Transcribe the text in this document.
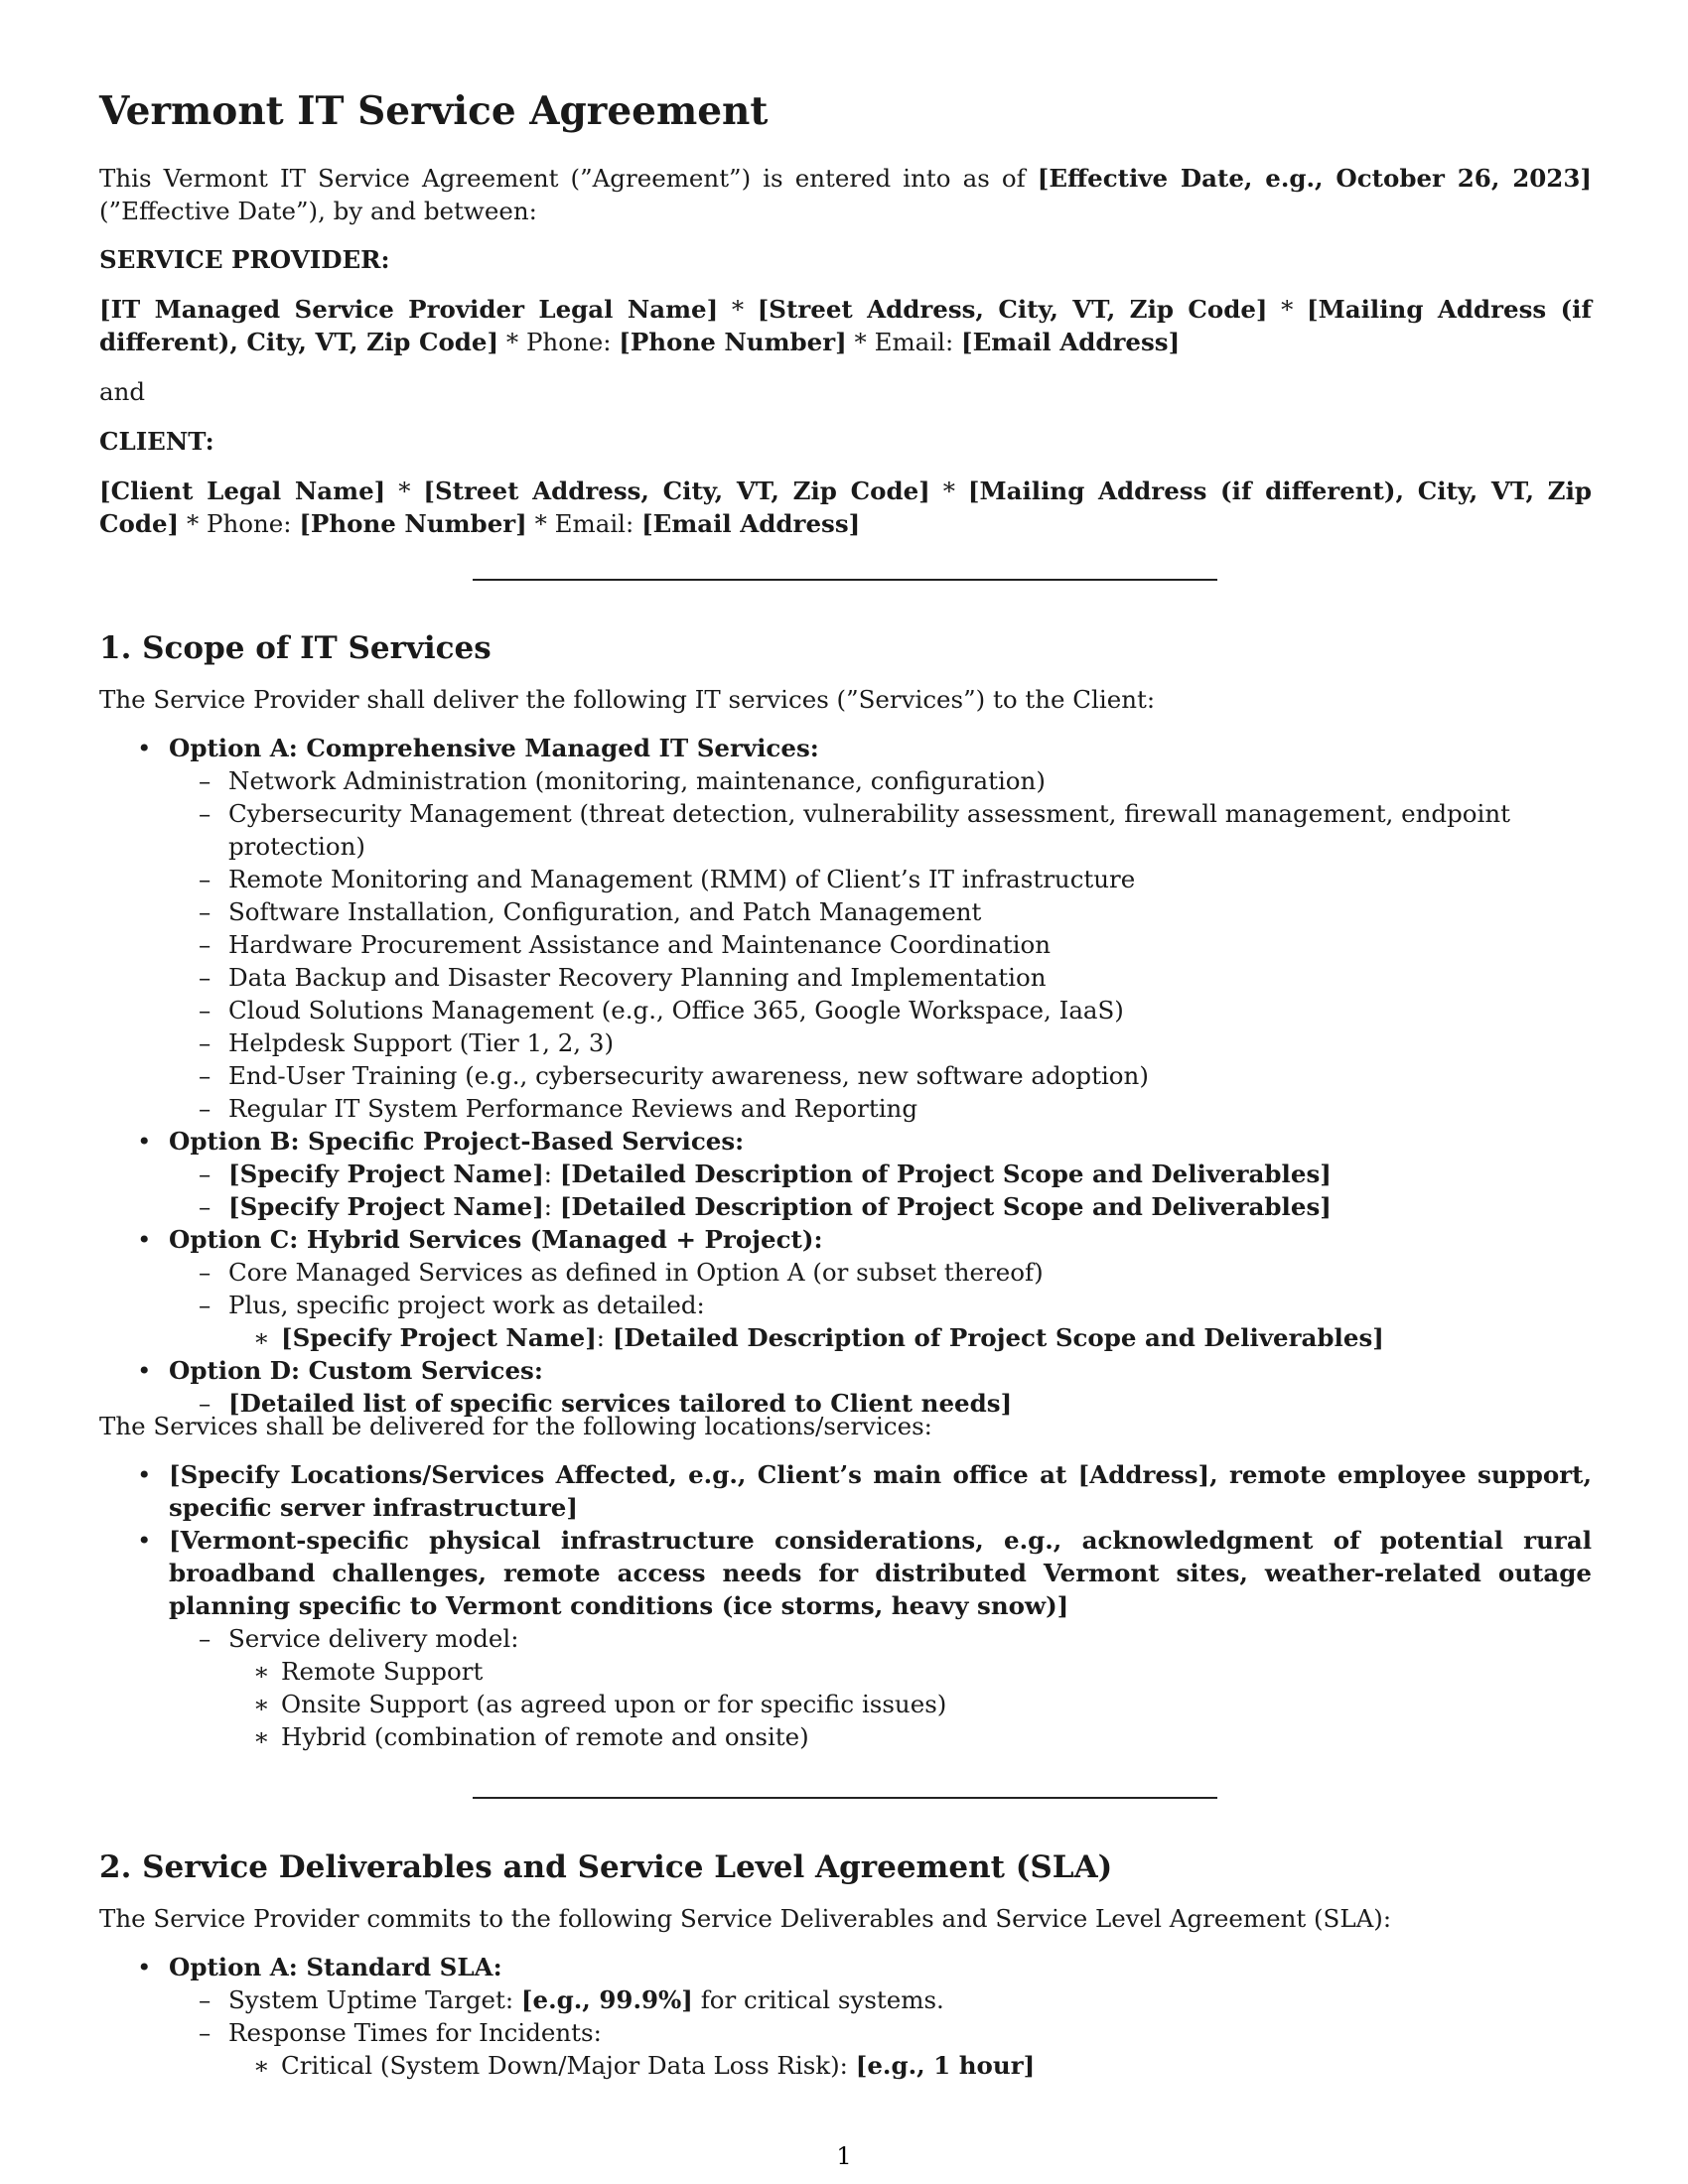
Vermont IT Service Agreement

This Vermont IT Service Agreement (”Agreement”) is entered into as of [Effective Date, e.g., October 26, 2023] (”Effective Date”), by and between:

SERVICE PROVIDER:

[IT Managed Service Provider Legal Name] * [Street Address, City, VT, Zip Code] * [Mailing Address (if different), City, VT, Zip Code] * Phone: [Phone Number] * Email: [Email Address]

and

CLIENT:

[Client Legal Name] * [Street Address, City, VT, Zip Code] * [Mailing Address (if different), City, VT, Zip Code] * Phone: [Phone Number] * Email: [Email Address]

1. Scope of IT Services

The Service Provider shall deliver the following IT services (”Services”) to the Client:

• Option A: Comprehensive Managed IT Services:
– Network Administration (monitoring, maintenance, configuration)
– Cybersecurity Management (threat detection, vulnerability assessment, firewall management, endpoint protection)
– Remote Monitoring and Management (RMM) of Client’s IT infrastructure
– Software Installation, Configuration, and Patch Management
– Hardware Procurement Assistance and Maintenance Coordination
– Data Backup and Disaster Recovery Planning and Implementation
– Cloud Solutions Management (e.g., Office 365, Google Workspace, IaaS)
– Helpdesk Support (Tier 1, 2, 3)
– End-User Training (e.g., cybersecurity awareness, new software adoption)
– Regular IT System Performance Reviews and Reporting
• Option B: Specific Project-Based Services:
– [Specify Project Name]: [Detailed Description of Project Scope and Deliverables]
– [Specify Project Name]: [Detailed Description of Project Scope and Deliverables]
• Option C: Hybrid Services (Managed + Project):
– Core Managed Services as defined in Option A (or subset thereof)
– Plus, specific project work as detailed:
∗ [Specify Project Name]: [Detailed Description of Project Scope and Deliverables]
• Option D: Custom Services:
– [Detailed list of specific services tailored to Client needs]

The Services shall be delivered for the following locations/services:

• [Specify Locations/Services Affected, e.g., Client’s main office at [Address], remote employee support, specific server infrastructure]

• [Vermont-specific physical infrastructure considerations, e.g., acknowledgment of potential rural broadband challenges, remote access needs for distributed Vermont sites, weather-related outage planning specific to Vermont conditions (ice storms, heavy snow)]

– Service delivery model:
∗ Remote Support
∗ Onsite Support (as agreed upon or for specific issues)
∗ Hybrid (combination of remote and onsite)
2. Service Deliverables and Service Level Agreement (SLA)

The Service Provider commits to the following Service Deliverables and Service Level Agreement (SLA):

• Option A: Standard SLA:
– System Uptime Target: [e.g., 99.9%] for critical systems.
– Response Times for Incidents:
∗ Critical (System Down/Major Data Loss Risk): [e.g., 1 hour]
1
